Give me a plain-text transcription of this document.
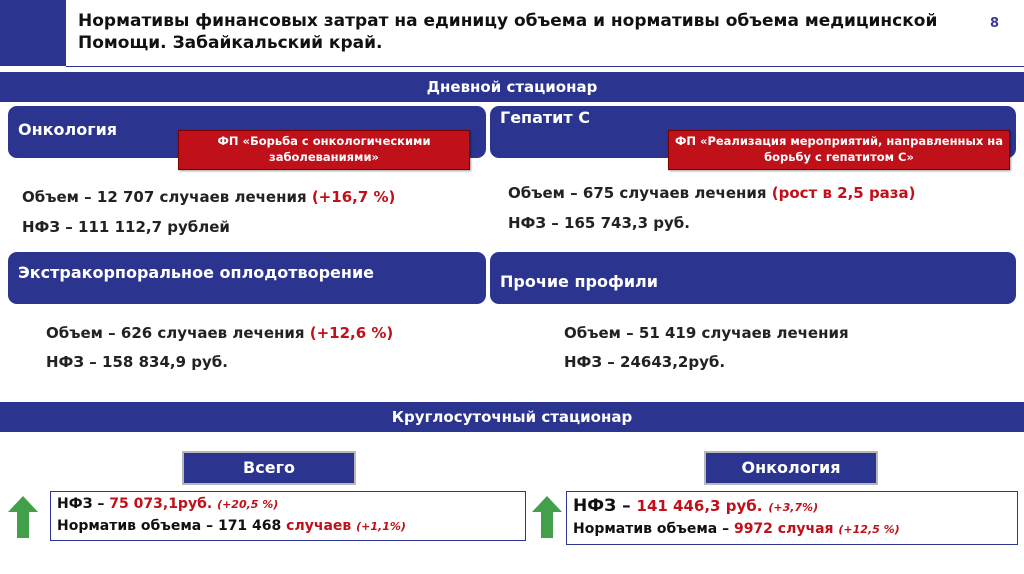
Нормативы финансовых затрат на единицу объема и нормативы объема медицинской
Помощи. Забайкальский край.
8
Дневной стационар
Онкология
Гепатит С
ФП «Борьба с онкологическими заболеваниями»
ФП «Реализация мероприятий, направленных на борьбу с гепатитом С»
Объем – 12 707 случаев лечения (+16,7 %)
НФЗ – 111 112,7 рублей
Объем – 675 случаев лечения (рост в 2,5 раза)
НФЗ – 165 743,3 руб.
Экстракорпоральное оплодотворение	Прочие профили
Объем – 626 случаев лечения (+12,6 %)
НФЗ – 158 834,9 руб.
Объем – 51 419 случаев лечения
НФЗ – 24643,2руб.
Круглосуточный стационар
Всего	Онкология
НФЗ – 75 073,1руб. (+20,5 %)
Норматив объема – 171 468 случаев (+1,1%)
НФЗ – 141 446,3 руб. (+3,7%)
Норматив объема – 9972 случая (+12,5 %)
